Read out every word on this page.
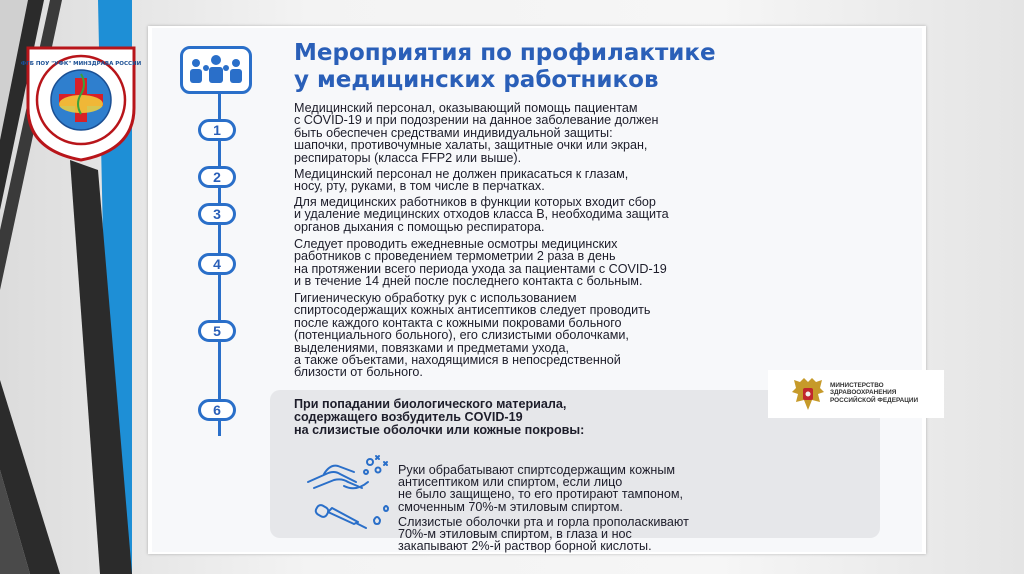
ФГБ ПОУ "УФК" МИНЗДРАВА РОССИИ	Мероприятия по профилактике
у медицинских работников
1
2
3
4
5
6

Медицинский персонал, оказывающий помощь пациентам
с COVID-19 и при подозрении на данное заболевание должен
быть обеспечен средствами индивидуальной защиты:
шапочки, противочумные халаты, защитные очки или экран,
респираторы (класса FFP2 или выше).

Медицинский персонал не должен прикасаться к глазам,
носу, рту, руками, в том числе в перчатках.

Для медицинских работников в функции которых входит сбор
и удаление медицинских отходов класса В, необходима защита
органов дыхания с помощью респиратора.

Следует проводить ежедневные осмотры медицинских
работников с проведением термометрии 2 раза в день
на протяжении всего периода ухода за пациентами с COVID-19
и в течение 14 дней после последнего контакта с больным.

Гигиеническую обработку рук с использованием
спиртосодержащих кожных антисептиков следует проводить
после каждого контакта с кожными покровами больного
(потенциального больного), его слизистыми оболочками,
выделениями, повязками и предметами ухода,
а также объектами, находящимися в непосредственной
близости от больного.

При попадании биологического материала,
содержащего возбудитель COVID-19
на слизистые оболочки или кожные покровы:

Руки обрабатывают спиртсодержащим кожным
антисептиком или спиртом, если лицо
не было защищено, то его протирают тампоном,
смоченным 70%-м этиловым спиртом.

Слизистые оболочки рта и горла прополаскивают
70%-м этиловым спиртом, в глаза и нос
закапывают 2%-й раствор борной кислоты.

МИНИСТЕРСТВО
ЗДРАВООХРАНЕНИЯ
РОССИЙСКОЙ ФЕДЕРАЦИИ
